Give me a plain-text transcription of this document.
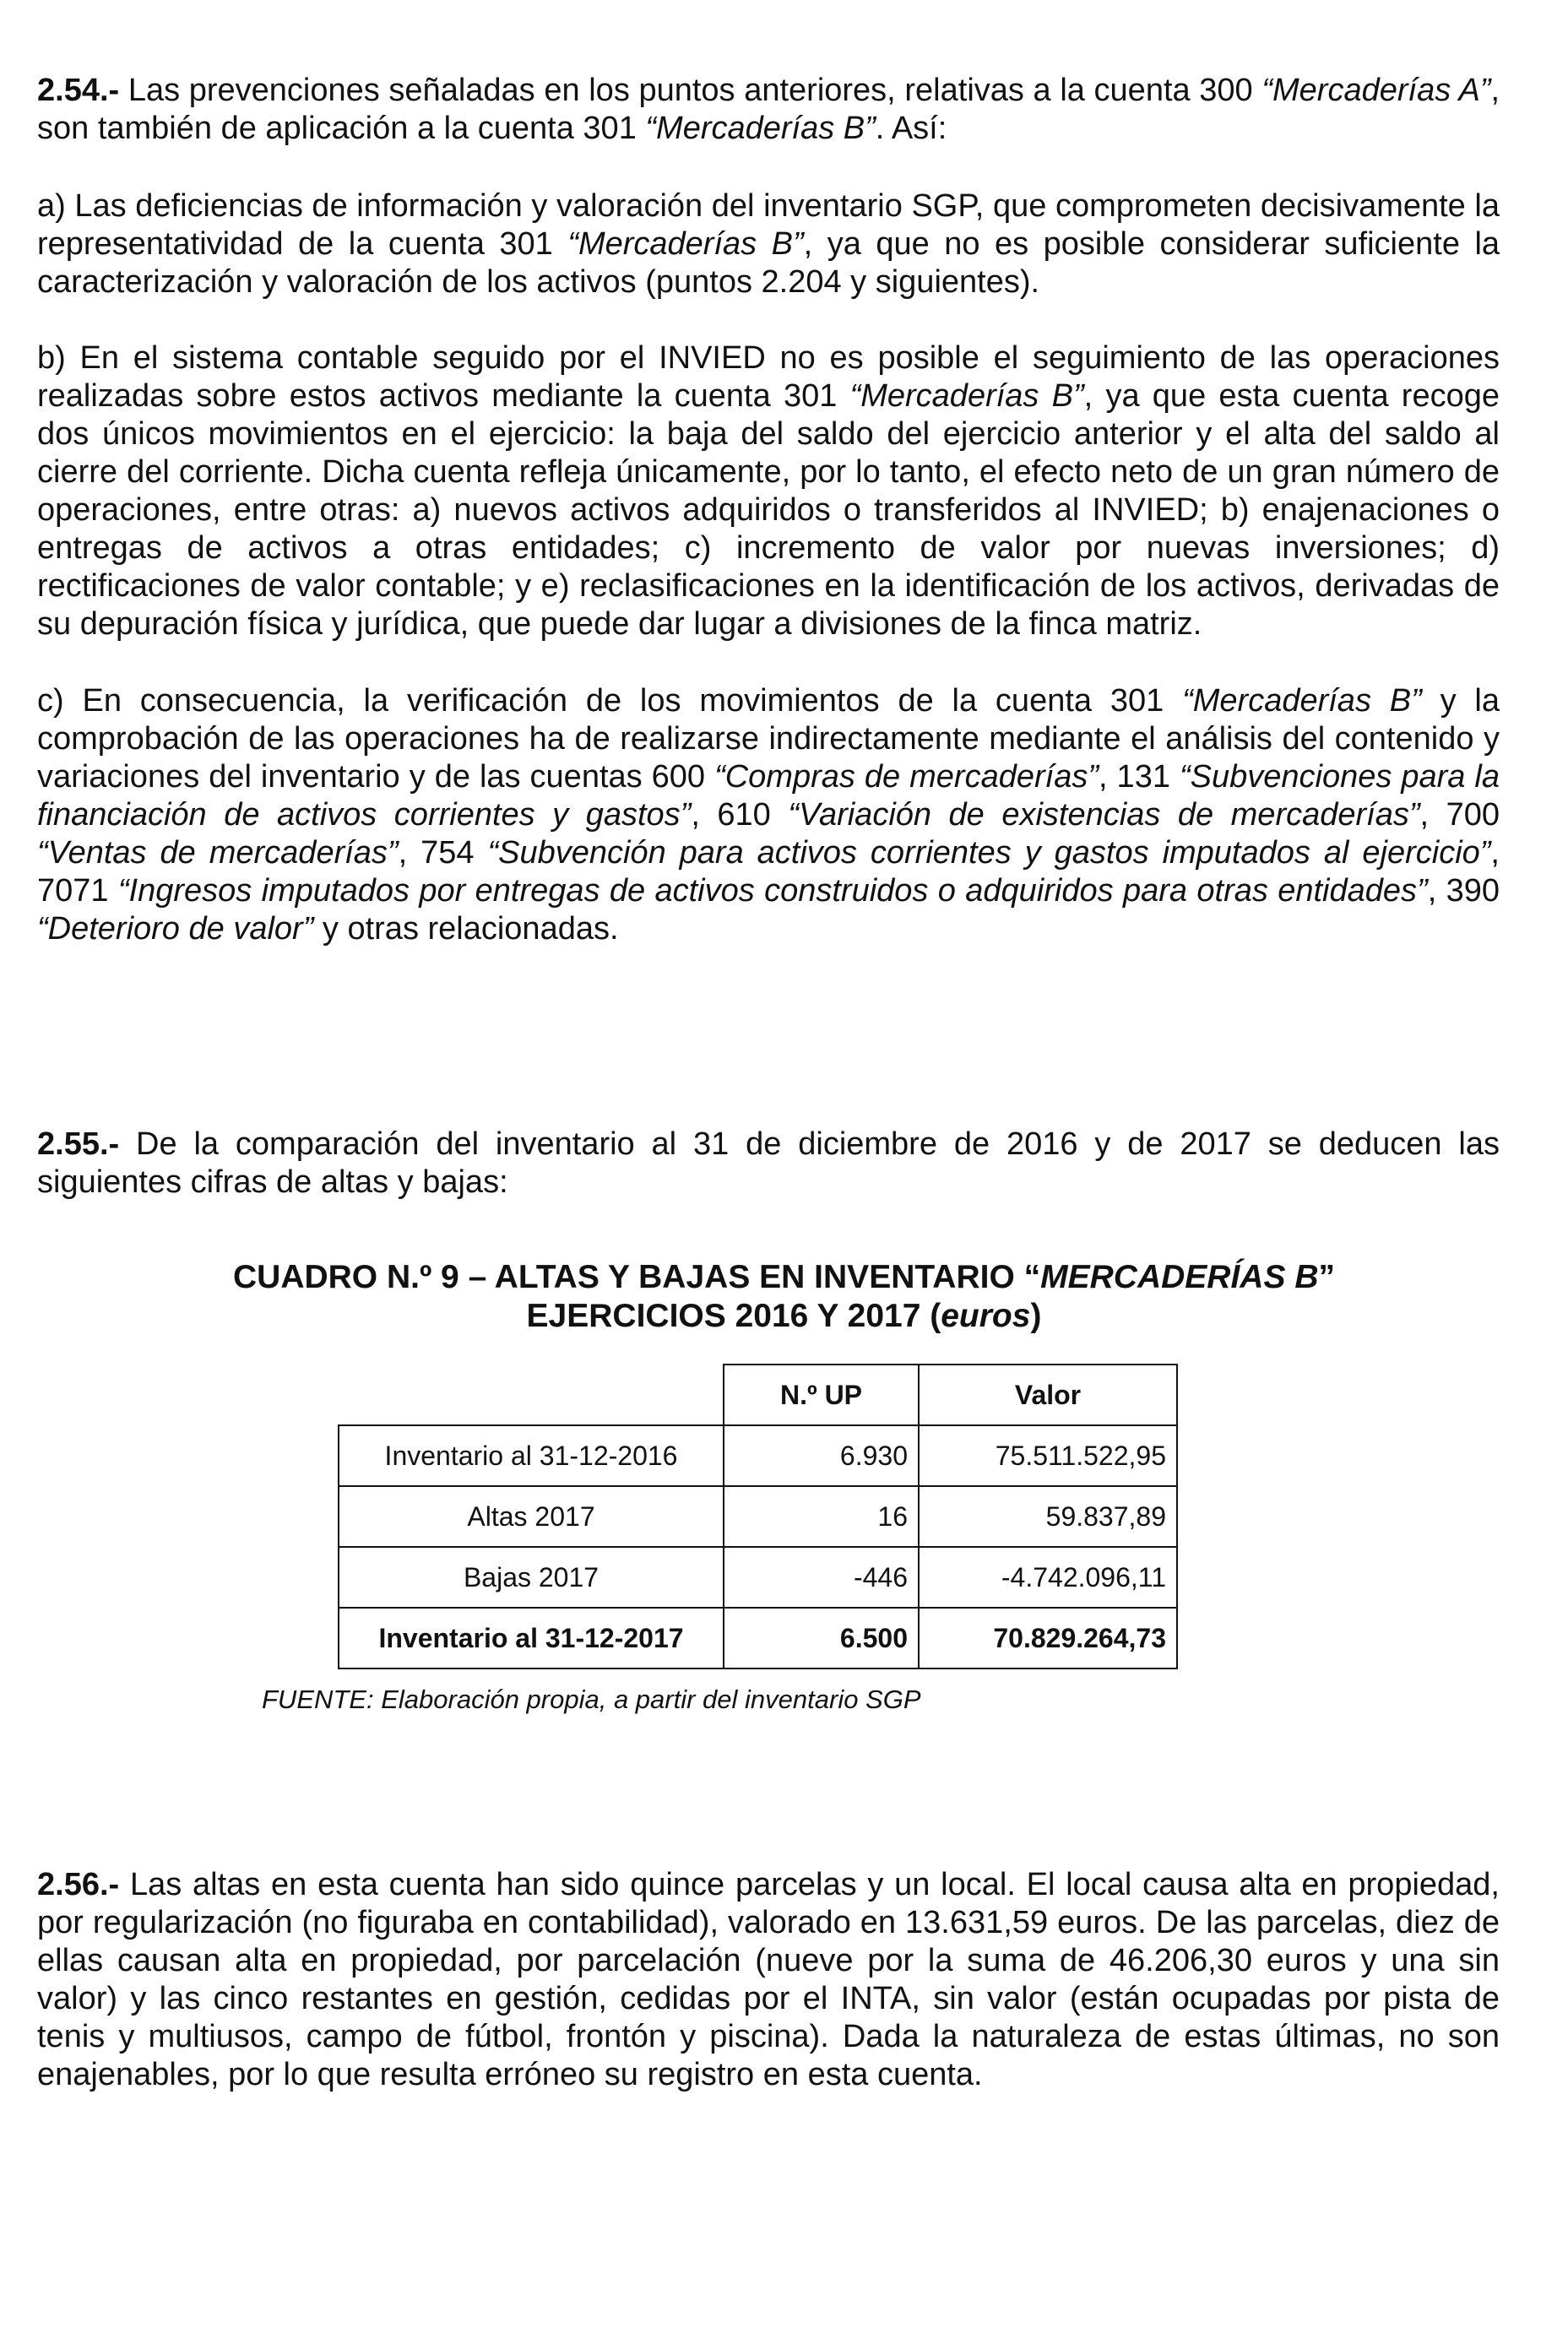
2.54.- Las prevenciones señaladas en los puntos anteriores, relativas a la cuenta 300 “Mercaderías A”, son también de aplicación a la cuenta 301 “Mercaderías B”. Así:

a) Las deficiencias de información y valoración del inventario SGP, que comprometen decisivamente la representatividad de la cuenta 301 “Mercaderías B”, ya que no es posible considerar suficiente la caracterización y valoración de los activos (puntos 2.204 y siguientes).

b) En el sistema contable seguido por el INVIED no es posible el seguimiento de las operaciones realizadas sobre estos activos mediante la cuenta 301 “Mercaderías B”, ya que esta cuenta recoge dos únicos movimientos en el ejercicio: la baja del saldo del ejercicio anterior y el alta del saldo al cierre del corriente. Dicha cuenta refleja únicamente, por lo tanto, el efecto neto de un gran número de operaciones, entre otras: a) nuevos activos adquiridos o transferidos al INVIED; b) enajenaciones o entregas de activos a otras entidades; c) incremento de valor por nuevas inversiones; d) rectificaciones de valor contable; y e) reclasificaciones en la identificación de los activos, derivadas de su depuración física y jurídica, que puede dar lugar a divisiones de la finca matriz.

c) En consecuencia, la verificación de los movimientos de la cuenta 301 “Mercaderías B” y la comprobación de las operaciones ha de realizarse indirectamente mediante el análisis del contenido y variaciones del inventario y de las cuentas 600 “Compras de mercaderías”, 131 “Subvenciones para la financiación de activos corrientes y gastos”, 610 “Variación de existencias de mercaderías”, 700 “Ventas de mercaderías”, 754 “Subvención para activos corrientes y gastos imputados al ejercicio”, 7071 “Ingresos imputados por entregas de activos construidos o adquiridos para otras entidades”, 390 “Deterioro de valor” y otras relacionadas.

2.55.- De la comparación del inventario al 31 de diciembre de 2016 y de 2017 se deducen las siguientes cifras de altas y bajas:

CUADRO N.º 9 – ALTAS Y BAJAS EN INVENTARIO “MERCADERÍAS B”

EJERCICIOS 2016 Y 2017 (euros)

	N.º UP	Valor
Inventario al 31-12-2016	6.930	75.511.522,95
Altas 2017	16	59.837,89
Bajas 2017	-446	-4.742.096,11
Inventario al 31-12-2017	6.500	70.829.264,73

FUENTE: Elaboración propia, a partir del inventario SGP

2.56.- Las altas en esta cuenta han sido quince parcelas y un local. El local causa alta en propiedad, por regularización (no figuraba en contabilidad), valorado en 13.631,59 euros. De las parcelas, diez de ellas causan alta en propiedad, por parcelación (nueve por la suma de 46.206,30 euros y una sin valor) y las cinco restantes en gestión, cedidas por el INTA, sin valor (están ocupadas por pista de tenis y multiusos, campo de fútbol, frontón y piscina). Dada la naturaleza de estas últimas, no son enajenables, por lo que resulta erróneo su registro en esta cuenta.
